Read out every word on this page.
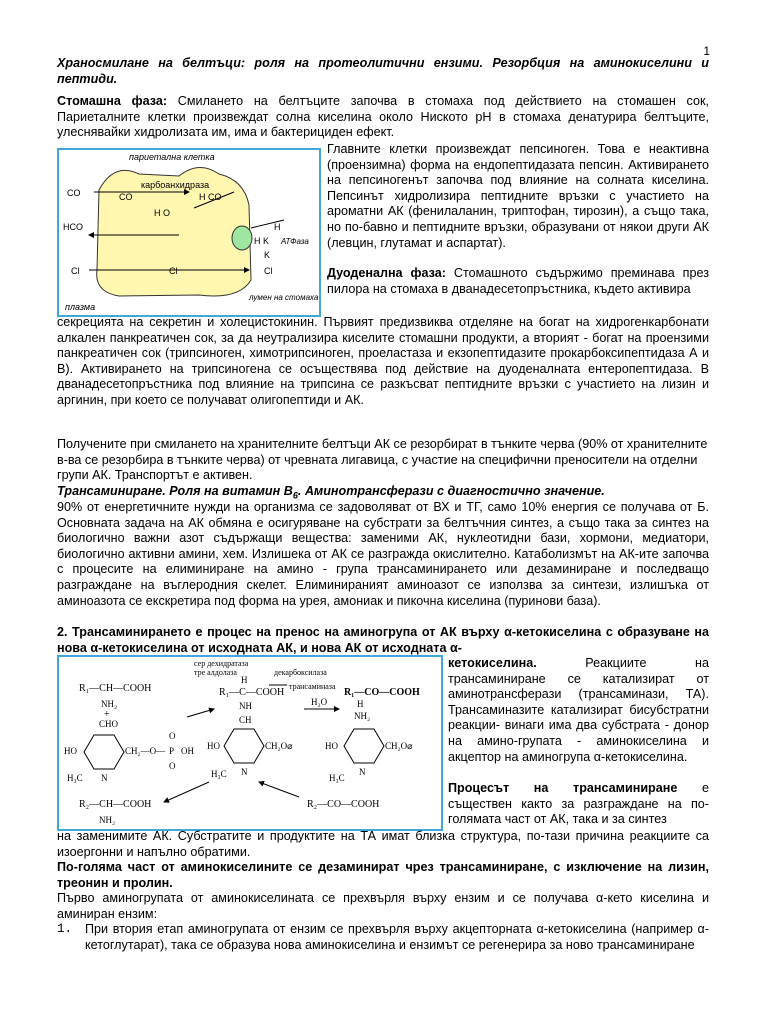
1
Храносмилане на белтъци: роля на протеолитични ензими. Резорбция на аминокиселини и пептиди.
Стомашна фаза: Смилането на белтъците започва в стомаха под действието на стомашен сок, Париеталните клетки произвеждат солна киселина около Ниското pH в стомаха денатурира белтъците, улеснявайки хидролизата им, има и бактерициден ефект.
париетална клетка
карбоанхидраза
CO	CO	H CO
H O
HCO
Cl	Cl	Cl
H
H K АТФаза
K
плазма
лумен на стомаха
Главните клетки произвеждат пепсиноген. Това е неактивна (проензимна) форма на ендопептидазата пепсин. Активирането на пепсиногенът започва под влияние на солната киселина. Пепсинът хидролизира пептидните връзки с участието на ароматни АК (фенилаланин, триптофан, тирозин), а също така, но по-бавно и пептидните връзки, образувани от някои други АК (левцин, глутамат и аспартат).
Дуоденална фаза: Стомашното съдържимо преминава през пилора на стомаха в дванадесетопръстника, където активира
секрецията на секретин и холецистокинин. Първият предизвиква отделяне на богат на хидрогенкарбонати алкален панкреатичен сок, за да неутрализира киселите стомашни продукти, а вторият - богат на проензими панкреатичен сок (трипсиноген, химотрипсиноген, проеластаза и екзопептидазите прокарбоксипептидаза А и В). Активирането на трипсиногена се осъществява под действие на дуоденалната ентеропептидаза. В дванадесетопръстника под влияние на трипсина се разкъсват пептидните връзки с участието на лизин и аргинин, при което се получават олигопептиди и АК.
Получените при смилането на хранителните белтъци АК се резорбират в тънките черва (90% от хранителните в-ва се резорбира в тънките черва) от чревната лигавица, с участие на специфични преносители на отделни групи АК. Транспортът е активен.
Трансаминиране. Роля на витамин $В_6$. Аминотрансферази с диагностично значение.
90% от енергетичните нужди на организма се задоволяват от ВХ и ТГ, само 10% енергия се получава от Б. Основната задача на АК обмяна е осигуряване на субстрати за белтъчния синтез, а също така за синтез на биологично важни азот съдържащи вещества: заменими АК, нуклеотидни бази, хормони, медиатори, биологично активни амини, хем. Излишека от АК се разгражда окислително. Катаболизмът на АК-ите започва с процесите на елиминиране на амино - група трансаминирането или дезаминиране и последващо разграждане на въглеродния скелет. Елиминираният аминоазот се използва за синтези, излишъка от аминоазота се екскретира под форма на урея, амониак и пикочна киселина (пуринови база).
2. Трансаминирането е процес на пренос на аминогрупа от АК върху α-кетокиселина с образуване на нова α-кетокиселина от исходната АК, и нова АК от исходната α-
сер дехидратаза
тре алдолаза	декарбоксилаза
трансаминаза
H₂O
R₁—CH—COOH
NH₂
+
CHO
HO
N
H₃C
CH₂—O— P
O
O
OH
R₁—C—COOH
H
NH
CH
HO	CH₂O⌀
N
H₃C
R₁—CO—COOH
NH₂
H
HO	CH₂O⌀
N
H₃C
R₂—CH—COOH
NH₂
R₂—CO—COOH
кетокиселина. Реакциите на трансаминиране се катализират от аминотрансферази (трансаминази, ТА). Трансаминазите катализират бисубстратни реакции- винаги има два субстрата - донор на амино-групата - аминокиселина и акцептор на аминогрупа α-кетокиселина.
Процесът на трансаминиране е съществен както за разграждане на по-голямата част от АК, така и за синтез
на заменимите АК. Субстратите и продуктите на ТА имат близка структура, по-тази причина реакциите са изоергонни и напълно обратими.
По-голяма част от аминокиселините се дезаминират чрез трансаминиране, с изключение на лизин, треонин и пролин.
Първо аминогрупата от аминокиселината се прехвърля върху ензим и се получава α-кето киселина и аминиран ензим:
1.	При втория етап аминогрупата от ензим се прехвърля върху акцепторната α-кетокиселина (например α-кетоглутарат), така се образува нова аминокиселина и ензимът се регенерира за ново трансаминиране
